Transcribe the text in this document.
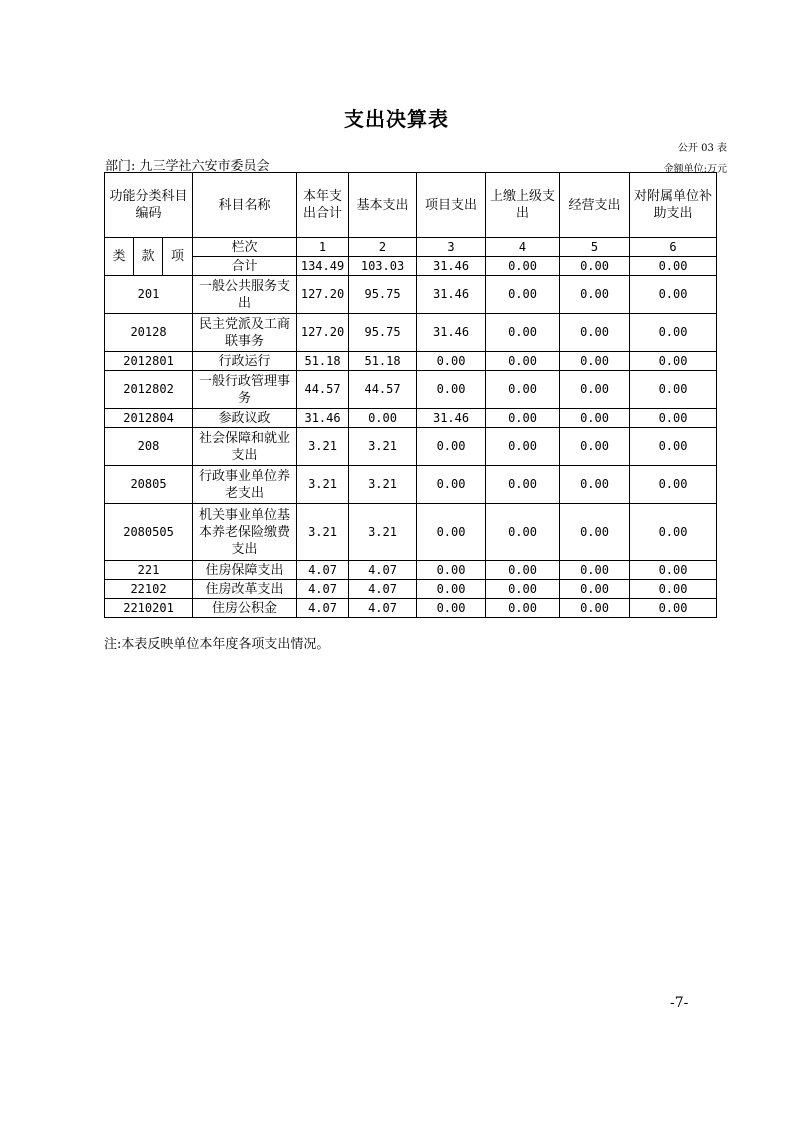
支出决算表
公开 03 表
部门: 九三学社六安市委员会	金额单位:万元
功能分类科目编码			科目名称	本年支出合计	基本支出	项目支出	上缴上级支出	经营支出	对附属单位补助支出
类	款	项	栏次	1	2	3	4	5	6
			合计	134.49	103.03	31.46	0.00	0.00	0.00
201			一般公共服务支出	127.20	95.75	31.46	0.00	0.00	0.00
20128			民主党派及工商联事务	127.20	95.75	31.46	0.00	0.00	0.00
2012801			行政运行	51.18	51.18	0.00	0.00	0.00	0.00
2012802			一般行政管理事务	44.57	44.57	0.00	0.00	0.00	0.00
2012804			参政议政	31.46	0.00	31.46	0.00	0.00	0.00
208			社会保障和就业支出	3.21	3.21	0.00	0.00	0.00	0.00
20805			行政事业单位养老支出	3.21	3.21	0.00	0.00	0.00	0.00
2080505			机关事业单位基本养老保险缴费支出	3.21	3.21	0.00	0.00	0.00	0.00
221			住房保障支出	4.07	4.07	0.00	0.00	0.00	0.00
22102			住房改革支出	4.07	4.07	0.00	0.00	0.00	0.00
2210201			住房公积金	4.07	4.07	0.00	0.00	0.00	0.00
注:本表反映单位本年度各项支出情况。
-7-
